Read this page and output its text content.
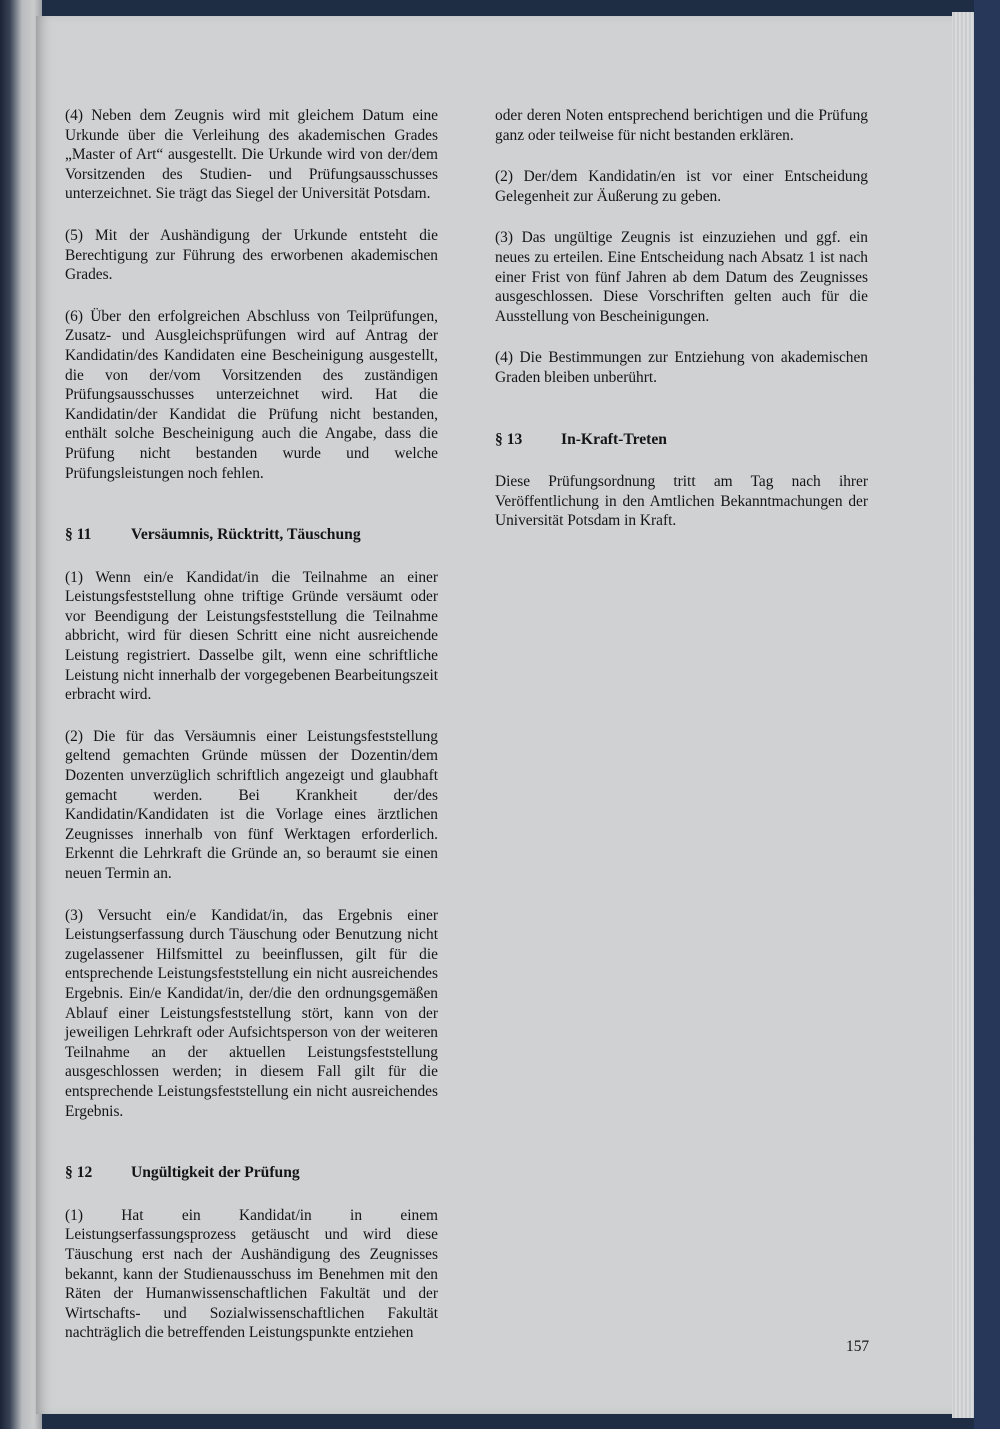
(4) Neben dem Zeugnis wird mit gleichem Datum eine Urkunde über die Verleihung des akademischen Grades „Master of Art“ ausgestellt. Die Urkunde wird von der/dem Vorsitzenden des Studien- und Prüfungsausschusses unterzeichnet. Sie trägt das Siegel der Universität Potsdam.

(5) Mit der Aushändigung der Urkunde entsteht die Berechtigung zur Führung des erworbenen akademischen Grades.

(6) Über den erfolgreichen Abschluss von Teilprüfungen, Zusatz- und Ausgleichsprüfungen wird auf Antrag der Kandidatin/des Kandidaten eine Bescheinigung ausgestellt, die von der/vom Vorsitzenden des zuständigen Prüfungsausschusses unterzeichnet wird. Hat die Kandidatin/der Kandidat die Prüfung nicht bestanden, enthält solche Bescheinigung auch die Angabe, dass die Prüfung nicht bestanden wurde und welche Prüfungsleistungen noch fehlen.

§ 11	Versäumnis, Rücktritt, Täuschung

(1) Wenn ein/e Kandidat/in die Teilnahme an einer Leistungsfeststellung ohne triftige Gründe versäumt oder vor Beendigung der Leistungsfeststellung die Teilnahme abbricht, wird für diesen Schritt eine nicht ausreichende Leistung registriert. Dasselbe gilt, wenn eine schriftliche Leistung nicht innerhalb der vorgegebenen Bearbeitungszeit erbracht wird.

(2) Die für das Versäumnis einer Leistungsfeststellung geltend gemachten Gründe müssen der Dozentin/dem Dozenten unverzüglich schriftlich angezeigt und glaubhaft gemacht werden. Bei Krankheit der/des Kandidatin/Kandidaten ist die Vorlage eines ärztlichen Zeugnisses innerhalb von fünf Werktagen erforderlich. Erkennt die Lehrkraft die Gründe an, so beraumt sie einen neuen Termin an.

(3) Versucht ein/e Kandidat/in, das Ergebnis einer Leistungserfassung durch Täuschung oder Benutzung nicht zugelassener Hilfsmittel zu beeinflussen, gilt für die entsprechende Leistungsfeststellung ein nicht ausreichendes Ergebnis. Ein/e Kandidat/in, der/die den ordnungsgemäßen Ablauf einer Leistungsfeststellung stört, kann von der jeweiligen Lehrkraft oder Aufsichtsperson von der weiteren Teilnahme an der aktuellen Leistungsfeststellung ausgeschlossen werden; in diesem Fall gilt für die entsprechende Leistungsfeststellung ein nicht ausreichendes Ergebnis.

§ 12 Ungültigkeit der Prüfung

(1) Hat ein Kandidat/in in einem Leistungserfassungsprozess getäuscht und wird diese Täuschung erst nach der Aushändigung des Zeugnisses bekannt, kann der Studienausschuss im Benehmen mit den Räten der Humanwissenschaftlichen Fakultät und der Wirtschafts- und Sozialwissenschaftlichen Fakultät nachträglich die betreffenden Leistungspunkte entziehen

oder deren Noten entsprechend berichtigen und die Prüfung ganz oder teilweise für nicht bestanden erklären.

(2) Der/dem Kandidatin/en ist vor einer Entscheidung Gelegenheit zur Äußerung zu geben.

(3) Das ungültige Zeugnis ist einzuziehen und ggf. ein neues zu erteilen. Eine Entscheidung nach Absatz 1 ist nach einer Frist von fünf Jahren ab dem Datum des Zeugnisses ausgeschlossen. Diese Vorschriften gelten auch für die Ausstellung von Bescheinigungen.

(4) Die Bestimmungen zur Entziehung von akademischen Graden bleiben unberührt.

§ 13 In-Kraft-Treten

Diese Prüfungsordnung tritt am Tag nach ihrer Veröffentlichung in den Amtlichen Bekanntmachungen der Universität Potsdam in Kraft.

157
